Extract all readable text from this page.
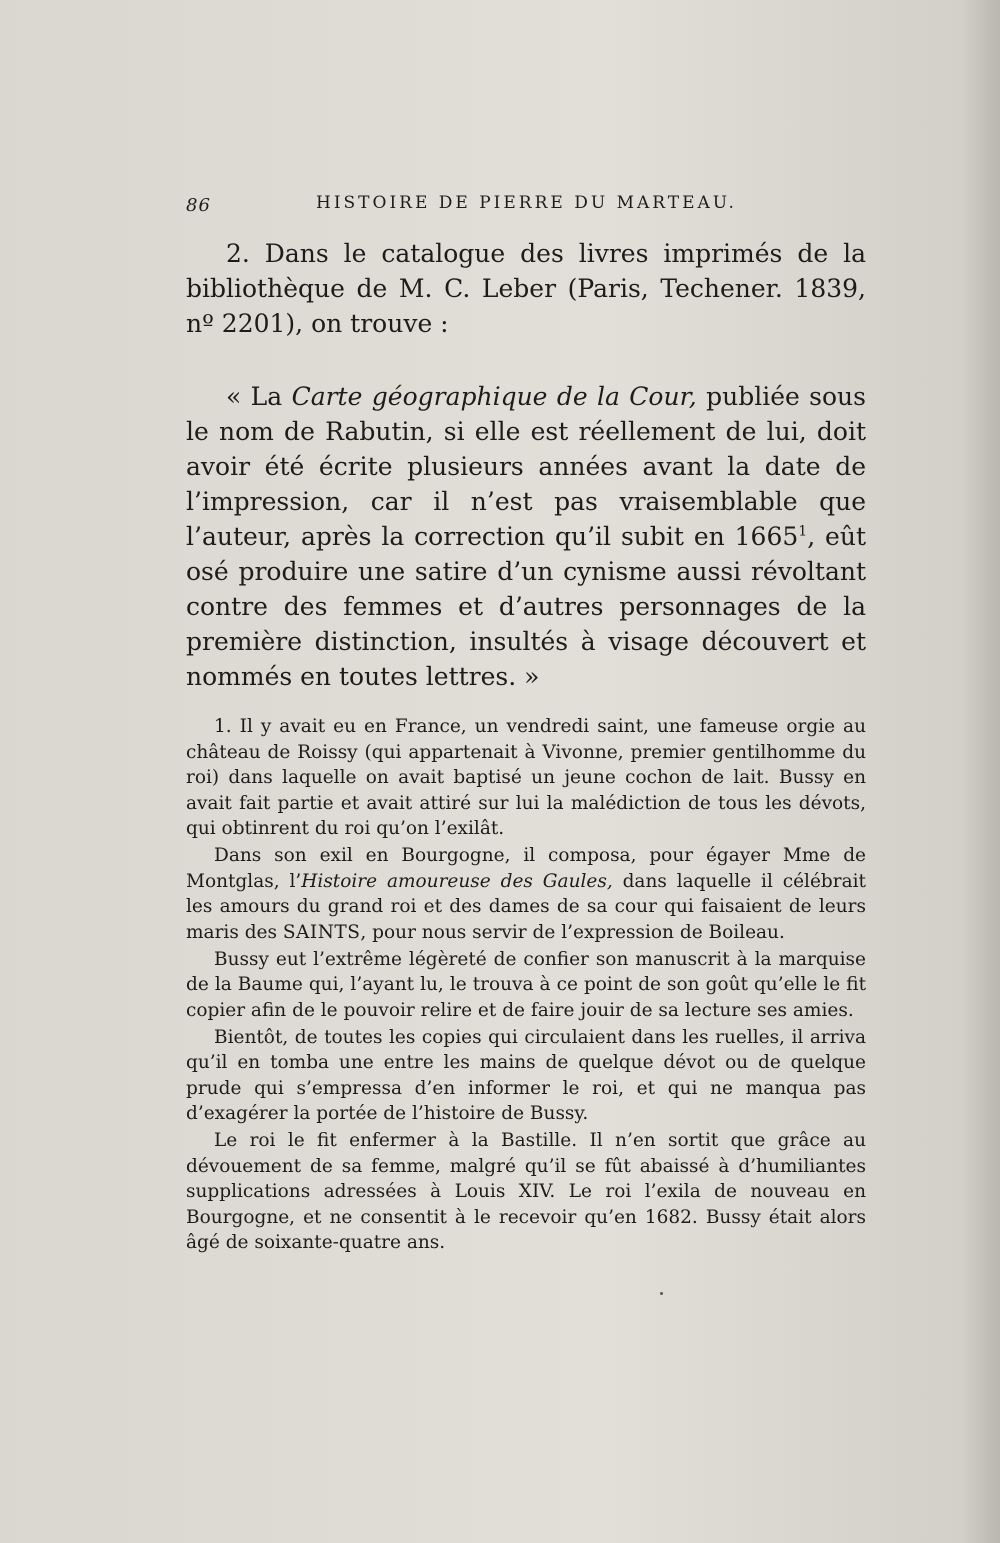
86	HISTOIRE DE PIERRE DU MARTEAU.

2. Dans le catalogue des livres imprimés de la bibliothèque de M. C. Leber (Paris, Techener. 1839, nº 2201), on trouve :

« La Carte géographique de la Cour, publiée sous le nom de Rabutin, si elle est réellement de lui, doit avoir été écrite plusieurs années avant la date de l’impression, car il n’est pas vraisemblable que l’auteur, après la correction qu’il subit en 1665$^1$, eût osé produire une satire d’un cynisme aussi révoltant contre des femmes et d’autres personnages de la première distinction, insultés à visage découvert et nommés en toutes lettres. »

1. Il y avait eu en France, un vendredi saint, une fameuse orgie au château de Roissy (qui appartenait à Vivonne, premier gentilhomme du roi) dans laquelle on avait baptisé un jeune cochon de lait. Bussy en avait fait partie et avait attiré sur lui la malédiction de tous les dévots, qui obtinrent du roi qu’on l’exilât.

Dans son exil en Bourgogne, il composa, pour égayer Mme de Montglas, l’Histoire amoureuse des Gaules, dans laquelle il célébrait les amours du grand roi et des dames de sa cour qui faisaient de leurs maris des SAINTS, pour nous servir de l’expression de Boileau.

Bussy eut l’extrême légèreté de confier son manuscrit à la marquise de la Baume qui, l’ayant lu, le trouva à ce point de son goût qu’elle le fit copier afin de le pouvoir relire et de faire jouir de sa lecture ses amies.

Bientôt, de toutes les copies qui circulaient dans les ruelles, il arriva qu’il en tomba une entre les mains de quelque dévot ou de quelque prude qui s’empressa d’en informer le roi, et qui ne manqua pas d’exagérer la portée de l’histoire de Bussy.

Le roi le fit enfermer à la Bastille. Il n’en sortit que grâce au dévouement de sa femme, malgré qu’il se fût abaissé à d’humiliantes supplications adressées à Louis XIV. Le roi l’exila de nouveau en Bourgogne, et ne consentit à le recevoir qu’en 1682. Bussy était alors âgé de soixante-quatre ans.
